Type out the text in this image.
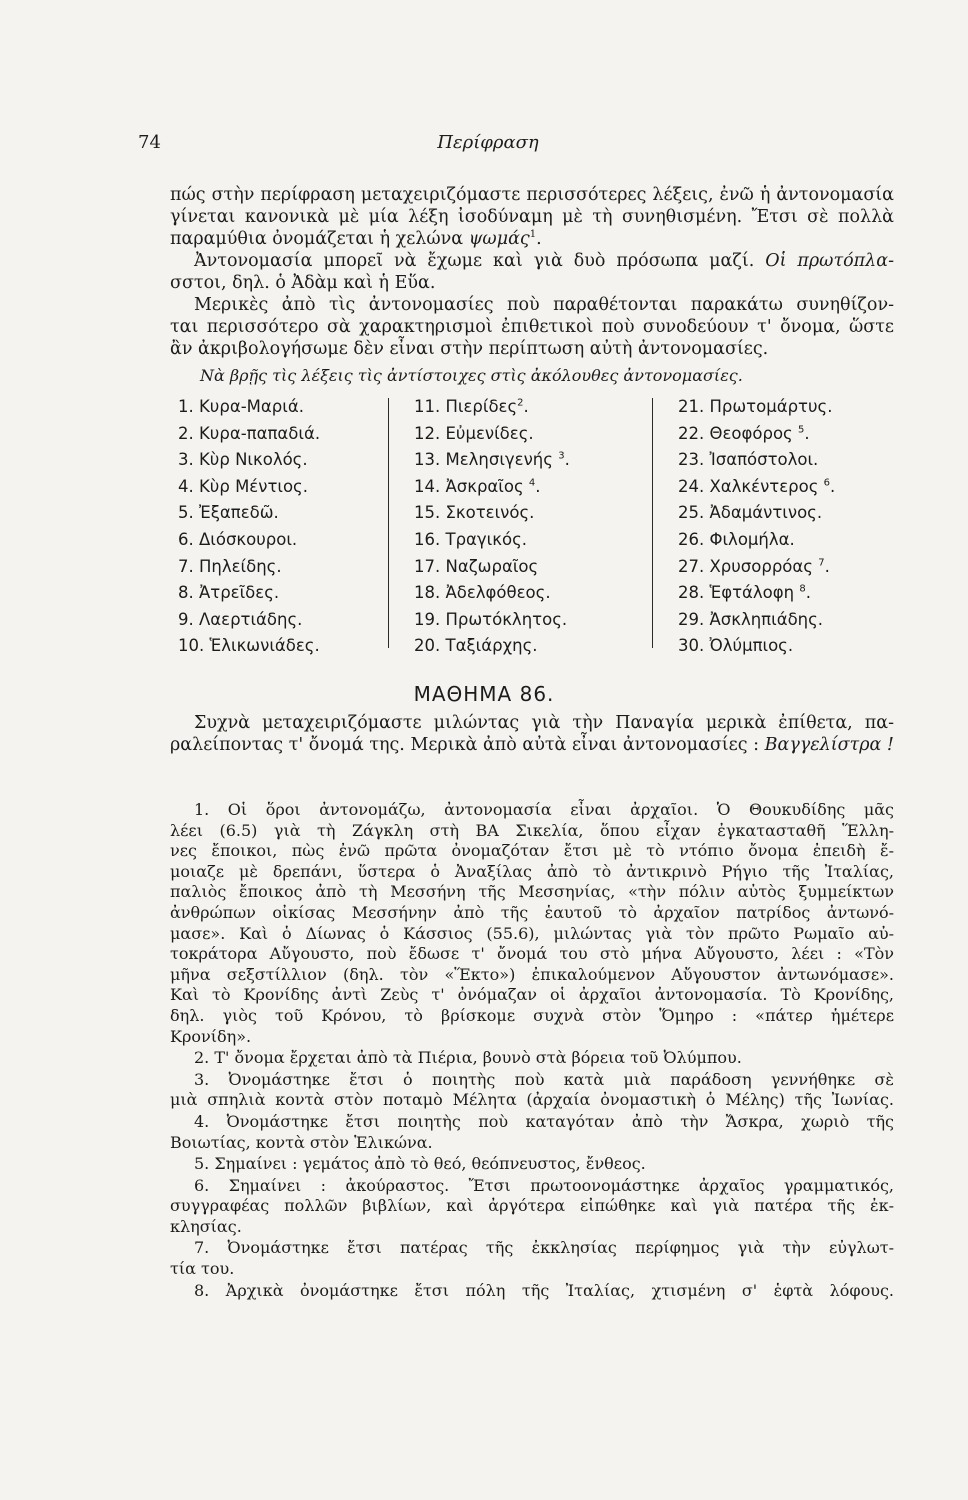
74	Περίφραση

πώς στὴν περίφραση μεταχειριζόμαστε περισσότερες λέξεις, ἐνῶ ἡ ἀντονομασία

γίνεται κανονικὰ μὲ μία λέξη ἰσοδύναμη μὲ τὴ συνηθισμένη. Ἔτσι σὲ πολλὰ

παραμύθια ὀνομάζεται ἡ χελώνα ψωμάς$^1$.

Ἀντονομασία μπορεῖ νὰ ἔχωμε καὶ γιὰ δυὸ πρόσωπα μαζί. Οἱ πρωτόπλα-

σστοι, δηλ. ὁ Ἀδὰμ καὶ ἡ Εὕα.

Μερικὲς ἀπὸ τὶς ἀντονομασίες ποὺ παραθέτονται παρακάτω συνηθίζον-

ται περισσότερο σὰ χαρακτηρισμοὶ ἐπιθετικοὶ ποὺ συνοδεύουν τ' ὄνομα, ὥστε

ἂν ἀκριβολογήσωμε δὲν εἶναι στὴν περίπτωση αὐτὴ ἀντονομασίες.

Νὰ βρῇς τὶς λέξεις τὶς ἀντίστοιχες στὶς ἀκόλουθες ἀντονομασίες.
1. Κυρα-Μαριά.
2. Κυρα-παπαδιά.
3. Κὺρ Νικολός.
4. Κὺρ Μέντιος.
5. Ἐξαπεδῶ.
6. Διόσκουροι.
7. Πηλείδης.
8. Ἀτρεῖδες.
9. Λαερτιάδης.
10. Ἑλικωνιάδες.
11. Πιερίδες$^2$.
12. Εὐμενίδες.
13. Μελησιγενής $^3$.
14. Ἀσκραῖος $^4$.
15. Σκοτεινός.
16. Τραγικός.
17. Ναζωραῖος
18. Ἀδελφόθεος.
19. Πρωτόκλητος.
20. Ταξιάρχης.
21. Πρωτομάρτυς.
22. Θεοφόρος $^5$.
23. Ἰσαπόστολοι.
24. Χαλκέντερος $^6$.
25. Ἀδαμάντινος.
26. Φιλομήλα.
27. Χρυσορρόας $^7$.
28. Ἑφτάλοφη $^8$.
29. Ἀσκληπιάδης.
30. Ὀλύμπιος.
ΜΑΘΗΜΑ 86.

Συχνὰ μεταχειριζόμαστε μιλώντας γιὰ τὴν Παναγία μερικὰ ἐπίθετα, πα-

ραλείποντας τ' ὄνομά της. Μερικὰ ἀπὸ αὐτὰ εἶναι ἀντονομασίες : Βαγγελίστρα !

1. Οἱ ὅροι ἀντονομάζω, ἀντονομασία εἶναι ἀρχαῖοι. Ὁ Θουκυδίδης μᾶς

λέει (6.5) γιὰ τὴ Ζάγκλη στὴ ΒΑ Σικελία, ὅπου εἶχαν ἐγκατασταθῆ Ἕλλη-

νες ἔποικοι, πὼς ἐνῶ πρῶτα ὀνομαζόταν ἔτσι μὲ τὸ ντόπιο ὄνομα ἐπειδὴ ἔ-

μοιαζε μὲ δρεπάνι, ὕστερα ὁ Ἀναξίλας ἀπὸ τὸ ἀντικρινὸ Ρήγιο τῆς Ἰταλίας,

παλιὸς ἔποικος ἀπὸ τὴ Μεσσήνη τῆς Μεσσηνίας, «τὴν πόλιν αὐτὸς ξυμμείκτων

ἀνθρώπων οἰκίσας Μεσσήνην ἀπὸ τῆς ἑαυτοῦ τὸ ἀρχαῖον πατρίδος ἀντωνό-

μασε». Καὶ ὁ Δίωνας ὁ Κάσσιος (55.6), μιλώντας γιὰ τὸν πρῶτο Ρωμαῖο αὐ-

τοκράτορα Αὔγουστο, ποὺ ἔδωσε τ' ὄνομά του στὸ μήνα Αὔγουστο, λέει : «Τὸν

μῆνα σεξστίλλιον (δηλ. τὸν «Ἕκτο») ἐπικαλούμενον Αὔγουστον ἀντωνόμασε».

Καὶ τὸ Κρονίδης ἀντὶ Ζεὺς τ' ὀνόμαζαν οἱ ἀρχαῖοι ἀντονομασία. Τὸ Κρονίδης,

δηλ. γιὸς τοῦ Κρόνου, τὸ βρίσκομε συχνὰ στὸν Ὅμηρο : «πάτερ ἡμέτερε

Κρονίδη».

2. Τ' ὄνομα ἔρχεται ἀπὸ τὰ Πιέρια, βουνὸ στὰ βόρεια τοῦ Ὀλύμπου.

3. Ὀνομάστηκε ἔτσι ὁ ποιητὴς ποὺ κατὰ μιὰ παράδοση γεννήθηκε σὲ

μιὰ σπηλιὰ κοντὰ στὸν ποταμὸ Μέλητα (ἀρχαία ὀνομαστικὴ ὁ Μέλης) τῆς Ἰωνίας.

4. Ὀνομάστηκε ἔτσι ποιητὴς ποὺ καταγόταν ἀπὸ τὴν Ἄσκρα, χωριὸ τῆς

Βοιωτίας, κοντὰ στὸν Ἑλικώνα.

5. Σημαίνει : γεμάτος ἀπὸ τὸ θεό, θεόπνευστος, ἔνθεος.

6. Σημαίνει : ἀκούραστος. Ἔτσι πρωτοονομάστηκε ἀρχαῖος γραμματικός,

συγγραφέας πολλῶν βιβλίων, καὶ ἀργότερα εἰπώθηκε καὶ γιὰ πατέρα τῆς ἐκ-

κλησίας.

7. Ὀνομάστηκε ἔτσι πατέρας τῆς ἐκκλησίας περίφημος γιὰ τὴν εὐγλωτ-

τία του.

8. Ἀρχικὰ ὀνομάστηκε ἔτσι πόλη τῆς Ἰταλίας, χτισμένη σ' ἑφτὰ λόφους.
